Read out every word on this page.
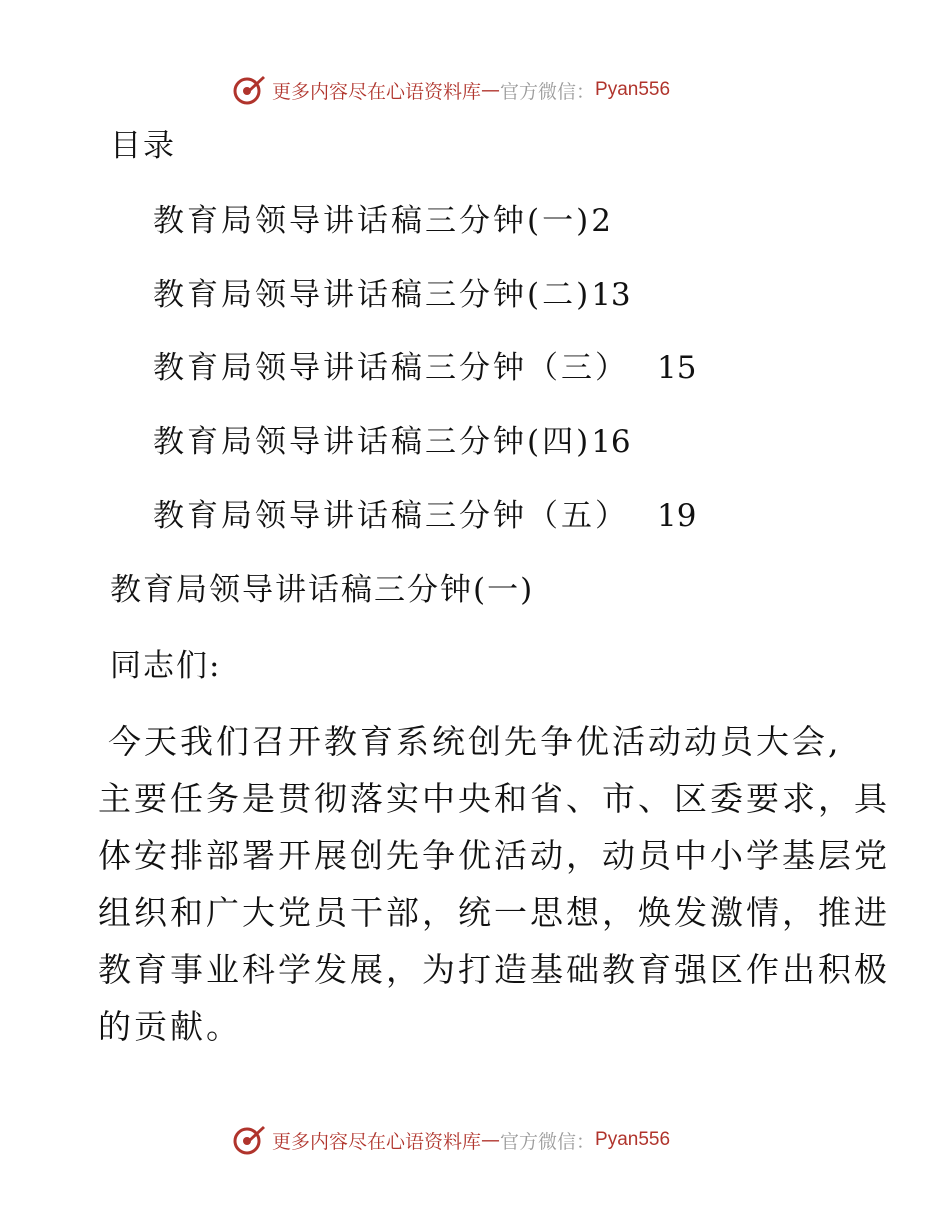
更多内容尽在心语资料库 — 官方微信： Pyan556
目录
教育局领导讲话稿三分钟(一)2
教育局领导讲话稿三分钟(二)13
教育局领导讲话稿三分钟（三） 15
教育局领导讲话稿三分钟(四)16
教育局领导讲话稿三分钟（五） 19
教育局领导讲话稿三分钟(一)
同志们:
今天我们召开教育系统创先争优活动动员大会,
主要任务是贯彻落实中央和省、市、区委要求，具
体安排部署开展创先争优活动，动员中小学基层党
组织和广大党员干部，统一思想，焕发激情，推进
教育事业科学发展，为打造基础教育强区作出积极
的贡献。
更多内容尽在心语资料库 — 官方微信： Pyan556
